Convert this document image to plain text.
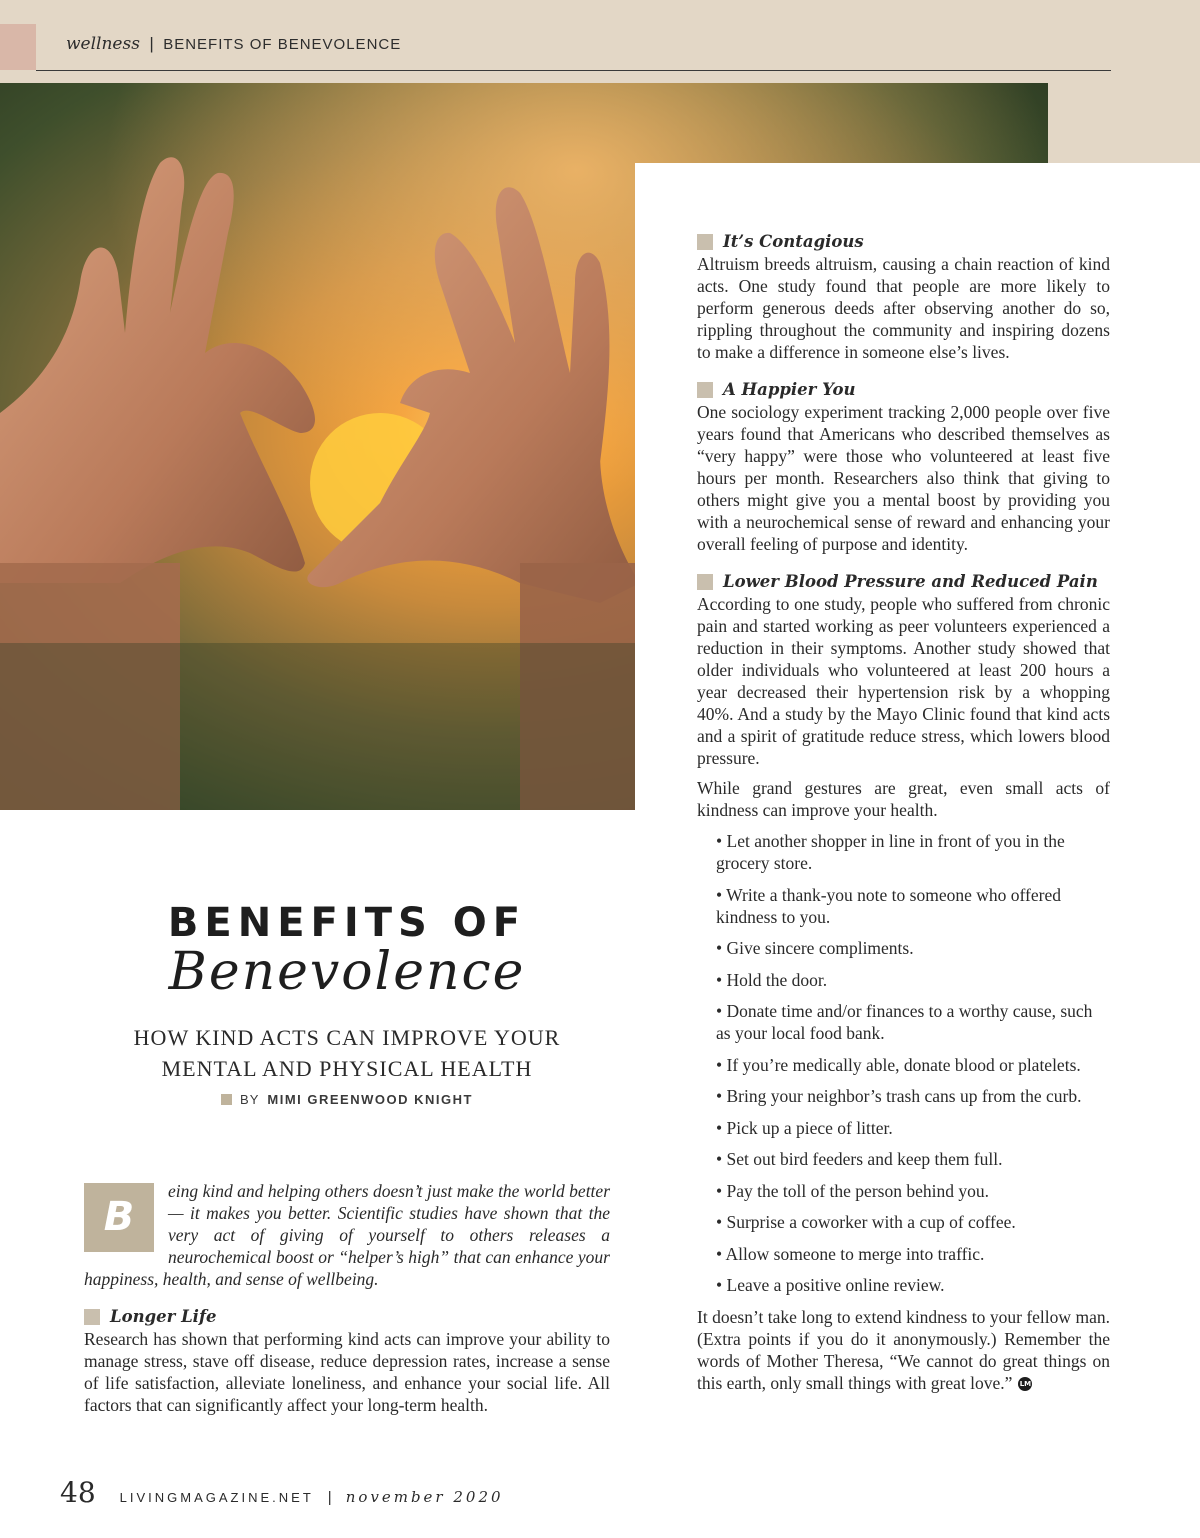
wellness | BENEFITS OF BENEVOLENCE
BENEFITS OF
Benevolence
HOW KIND ACTS CAN IMPROVE YOUR
MENTAL AND PHYSICAL HEALTH
BY MIMI GREENWOOD KNIGHT
B
eing kind and helping others doesn’t just make the world better — it makes you better. Scientific studies have shown that the very act of giving of yourself to others releases a neurochemical boost or “helper’s high” that can enhance your happiness, health, and sense of wellbeing.
Longer Life
Research has shown that performing kind acts can improve your ability to manage stress, stave off disease, reduce depression rates, increase a sense of life satisfaction, alleviate loneliness, and enhance your social life. All factors that can significantly affect your long-term health.
It’s Contagious
Altruism breeds altruism, causing a chain reaction of kind acts. One study found that people are more likely to perform generous deeds after observing another do so, rippling throughout the community and inspiring dozens to make a difference in someone else’s lives.
A Happier You
One sociology experiment tracking 2,000 people over five years found that Americans who described themselves as “very happy” were those who volunteered at least five hours per month. Researchers also think that giving to others might give you a mental boost by providing you with a neurochemical sense of reward and enhancing your overall feeling of purpose and identity.
Lower Blood Pressure and Reduced Pain
According to one study, people who suffered from chronic pain and started working as peer volunteers experienced a reduction in their symptoms. Another study showed that older individuals who volunteered at least 200 hours a year decreased their hypertension risk by a whopping 40%. And a study by the Mayo Clinic found that kind acts and a spirit of gratitude reduce stress, which lowers blood pressure.
While grand gestures are great, even small acts of kindness can improve your health.
• Let another shopper in line in front of you in the grocery store.
• Write a thank-you note to someone who offered kindness to you.
• Give sincere compliments.
• Hold the door.
• Donate time and/or finances to a worthy cause, such as your local food bank.
• If you’re medically able, donate blood or platelets.
• Bring your neighbor’s trash cans up from the curb.
• Pick up a piece of litter.
• Set out bird feeders and keep them full.
• Pay the toll of the person behind you.
• Surprise a coworker with a cup of coffee.
• Allow someone to merge into traffic.
• Leave a positive online review.
It doesn’t take long to extend kindness to your fellow man. (Extra points if you do it anonymously.) Remember the words of Mother Theresa, “We cannot do great things on this earth, only small things with great love.” LM
48 LIVINGMAGAZINE.NET | november 2020
